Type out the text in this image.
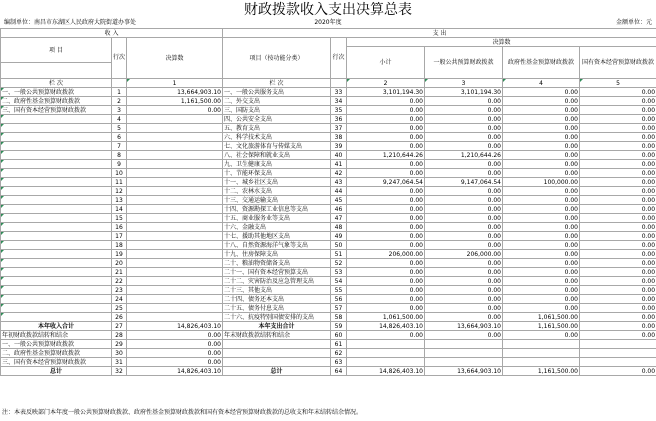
财政拨款收入支出决算总表
编制单位：南昌市东湖区人民政府大院街道办事处	2020年度	金额单位：元
收 入			支 出					
项 目	行次	决算数	项目（按功能分类）	行次	决算数			
					小计	一般公共预算财政拨款	政府性基金预算财政拨款	国有资本经营预算财政拨款

栏 次		1	栏 次		2	3	4	5
一、一般公共预算财政拨款	1	13,664,903.10	一、一般公共服务支出	33	3,101,194.30	3,101,194.30	0.00	0.00
二、政府性基金预算财政拨款	2	1,161,500.00	二、外交支出	34	0.00	0.00	0.00	0.00
三、国有资本经营预算财政拨款	3	0.00	三、国防支出	35	0.00	0.00	0.00	0.00
	4		四、公共安全支出	36	0.00	0.00	0.00	0.00
	5		五、教育支出	37	0.00	0.00	0.00	0.00
	6		六、科学技术支出	38	0.00	0.00	0.00	0.00
	7		七、文化旅游体育与传媒支出	39	0.00	0.00	0.00	0.00
	8		八、社会保障和就业支出	40	1,210,644.26	1,210,644.26	0.00	0.00
	9		九、卫生健康支出	41	0.00	0.00	0.00	0.00
	10		十、节能环保支出	42	0.00	0.00	0.00	0.00
	11		十一、城乡社区支出	43	9,247,064.54	9,147,064.54	100,000.00	0.00
	12		十二、农林水支出	44	0.00	0.00	0.00	0.00
	13		十三、交通运输支出	45	0.00	0.00	0.00	0.00
	14		十四、资源勘探工业信息等支出	46	0.00	0.00	0.00	0.00
	15		十五、商业服务业等支出	47	0.00	0.00	0.00	0.00
	16		十六、金融支出	48	0.00	0.00	0.00	0.00
	17		十七、援助其他地区支出	49	0.00	0.00	0.00	0.00
	18		十八、自然资源海洋气象等支出	50	0.00	0.00	0.00	0.00
	19		十九、住房保障支出	51	206,000.00	206,000.00	0.00	0.00
	20		二十、粮油物资储备支出	52	0.00	0.00	0.00	0.00
	21		二十一、国有资本经营预算支出	53	0.00	0.00	0.00	0.00
	22		二十二、灾害防治及应急管理支出	54	0.00	0.00	0.00	0.00
	23		二十三、其他支出	55	0.00	0.00	0.00	0.00
	24		二十四、债务还本支出	56	0.00	0.00	0.00	0.00
	25		二十五、债务付息支出	57	0.00	0.00	0.00	0.00
	26		二十六、抗疫特别国债安排的支出	58	1,061,500.00	0.00	1,061,500.00	0.00
本年收入合计	27	14,826,403.10	本年支出合计	59	14,826,403.10	13,664,903.10	1,161,500.00	0.00
年初财政拨款结转和结余	28	0.00	年末财政拨款结转和结余	60	0.00	0.00	0.00	0.00
一、一般公共预算财政拨款	29	0.00		61				
二、政府性基金预算财政拨款	30	0.00		62				
三、国有资本经营预算财政拨款	31	0.00		63				
总计	32	14,826,403.10	总计	64	14,826,403.10	13,664,903.10	1,161,500.00	0.00
注：本表反映部门本年度一般公共预算财政拨款、政府性基金预算财政拨款和国有资本经营预算财政拨款的总收支和年末结转结余情况。
